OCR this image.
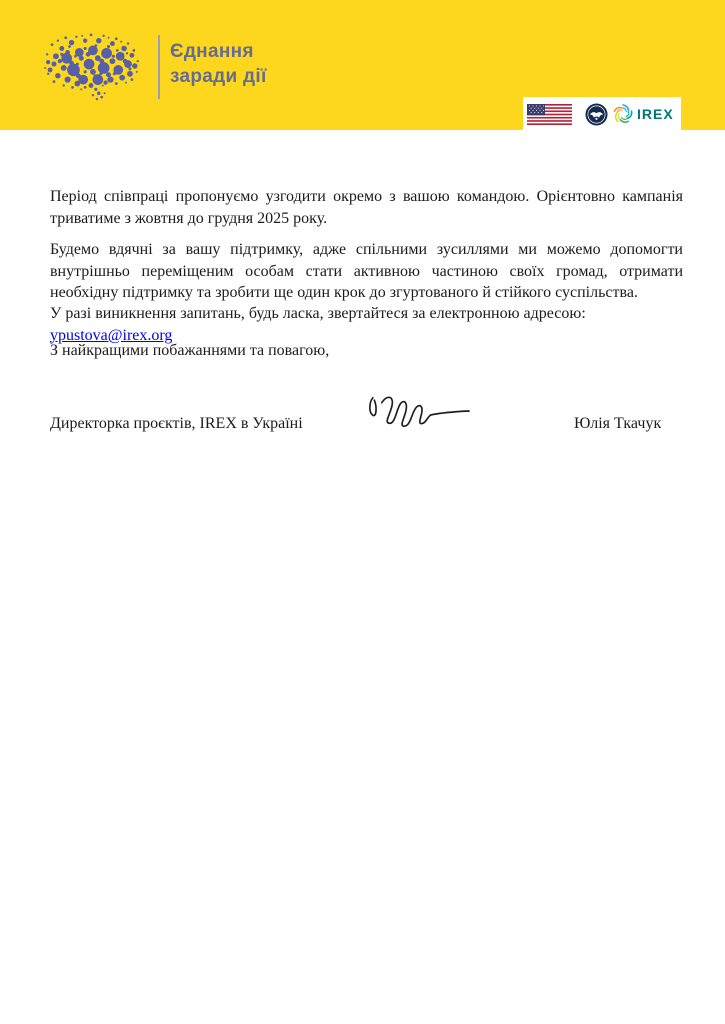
Єднання
заради дії
IREX

Період співпраці пропонуємо узгодити окремо з вашою командою. Орієнтовно кампанія триватиме з жовтня до грудня 2025 року.

Будемо вдячні за вашу підтримку, адже спільними зусиллями ми можемо допомогти внутрішньо переміщеним особам стати активною частиною своїх громад, отримати необхідну підтримку та зробити ще один крок до згуртованого й стійкого суспільства.

У разі виникнення запитань, будь ласка, звертайтеся за електронною адресою: ypustova@irex.org

З найкращими побажаннями та повагою,

Директорка проєктів, IREX в Україні	Юлія Ткачук
